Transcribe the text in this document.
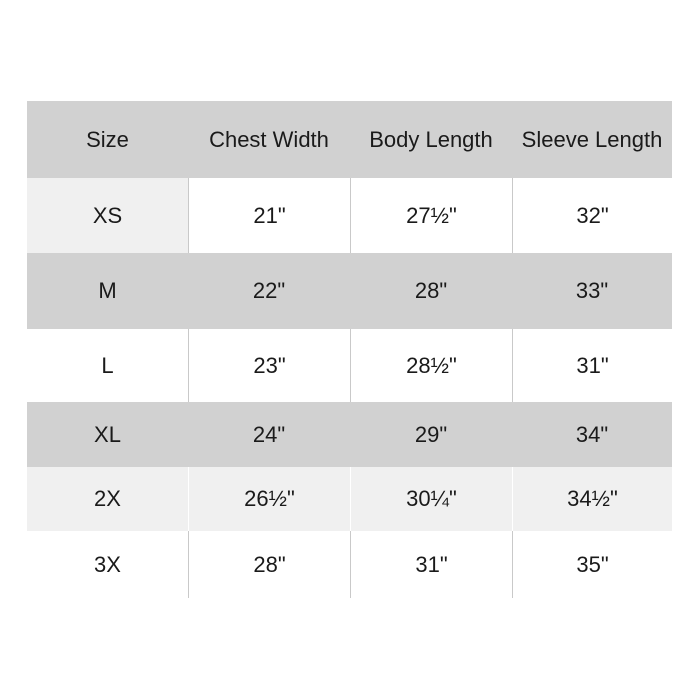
Size	Chest Width	Body Length	Sleeve Length
XS	21"	27½"	32"
M	22"	28"	33"
L	23"	28½"	31"
XL	24"	29"	34"
2X	26½"	30¼"	34½"
3X	28"	31"	35"
